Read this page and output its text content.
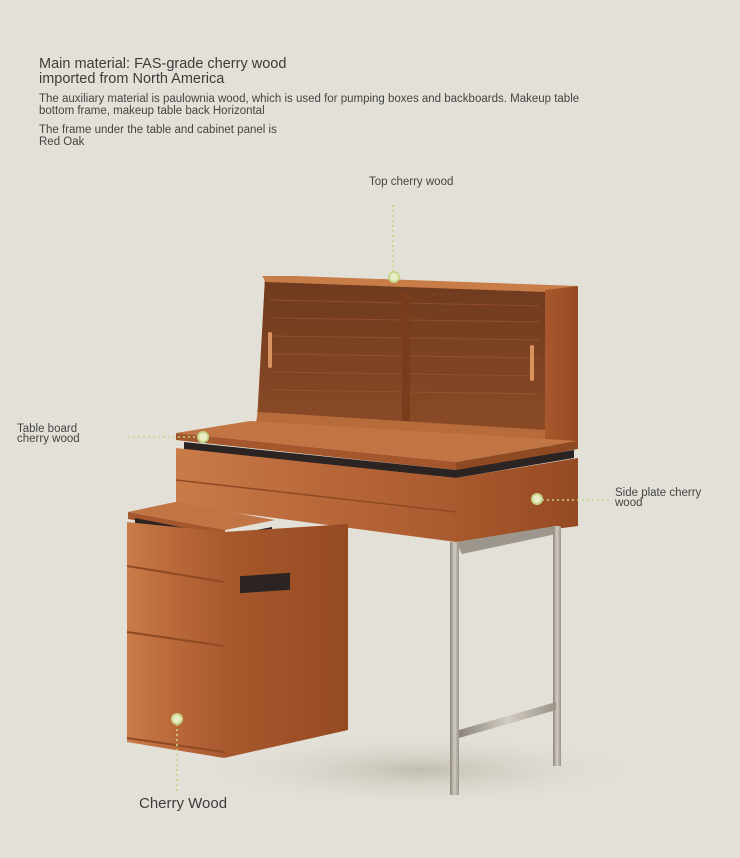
Main material: FAS-grade cherry wood imported from North America
The auxiliary material is paulownia wood, which is used for pumping boxes and backboards. Makeup table bottom frame, makeup table back Horizontal
The frame under the table and cabinet panel is Red Oak
Top cherry wood
Table board cherry wood
Side plate cherry wood
Cherry Wood
